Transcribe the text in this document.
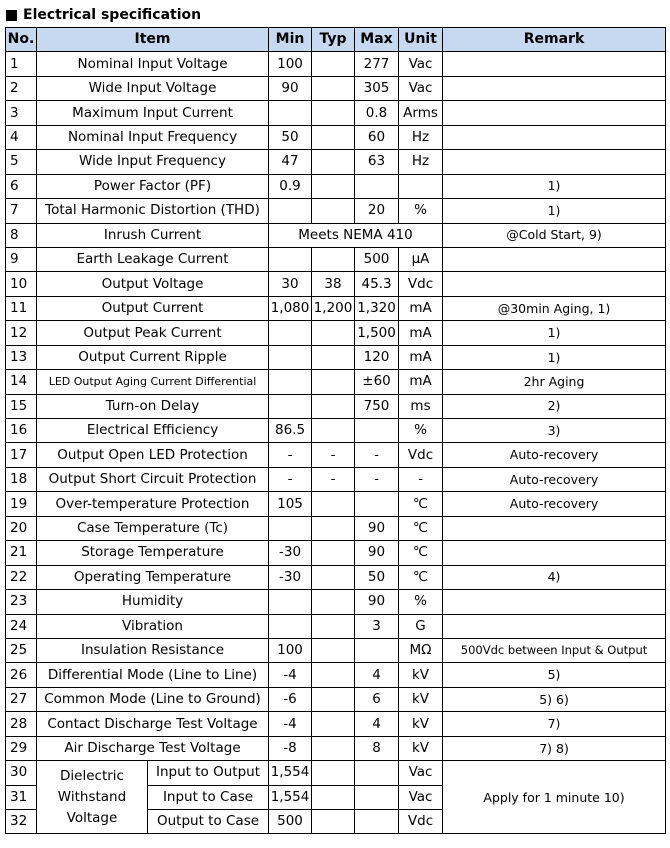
Electrical specification
No.	Item		Min	Typ	Max	Unit	Remark
1	Nominal Input Voltage		100		277	Vac	
2	Wide Input Voltage		90		305	Vac	
3	Maximum Input Current				0.8	Arms	
4	Nominal Input Frequency		50		60	Hz	
5	Wide Input Frequency		47		63	Hz	
6	Power Factor (PF)		0.9				1)
7	Total Harmonic Distortion (THD)				20	%	1)
8	Inrush Current		Meets NEMA 410				@Cold Start, 9)
9	Earth Leakage Current				500	μA	
10	Output Voltage		30	38	45.3	Vdc	
11	Output Current		1,080	1,200	1,320	mA	@30min Aging, 1)
12	Output Peak Current				1,500	mA	1)
13	Output Current Ripple				120	mA	1)
14	LED Output Aging Current Differential				±60	mA	2hr Aging
15	Turn-on Delay				750	ms	2)
16	Electrical Efficiency		86.5			%	3)
17	Output Open LED Protection		-	-	-	Vdc	Auto-recovery
18	Output Short Circuit Protection		-	-	-	-	Auto-recovery
19	Over-temperature Protection		105			℃	Auto-recovery
20	Case Temperature (Tc)				90	℃	
21	Storage Temperature		-30		90	℃	
22	Operating Temperature		-30		50	℃	4)
23	Humidity				90	%	
24	Vibration				3	G	
25	Insulation Resistance		100			MΩ	500Vdc between Input & Output
26	Differential Mode (Line to Line)		-4		4	kV	5)
27	Common Mode (Line to Ground)		-6		6	kV	5) 6)
28	Contact Discharge Test Voltage		-4		4	kV	7)
29	Air Discharge Test Voltage		-8		8	kV	7) 8)
30	Dielectric Withstand Voltage	Input to Output	1,554			Vac	Apply for 1 minute 10)
31		Input to Case	1,554			Vac	
32		Output to Case	500			Vdc	
